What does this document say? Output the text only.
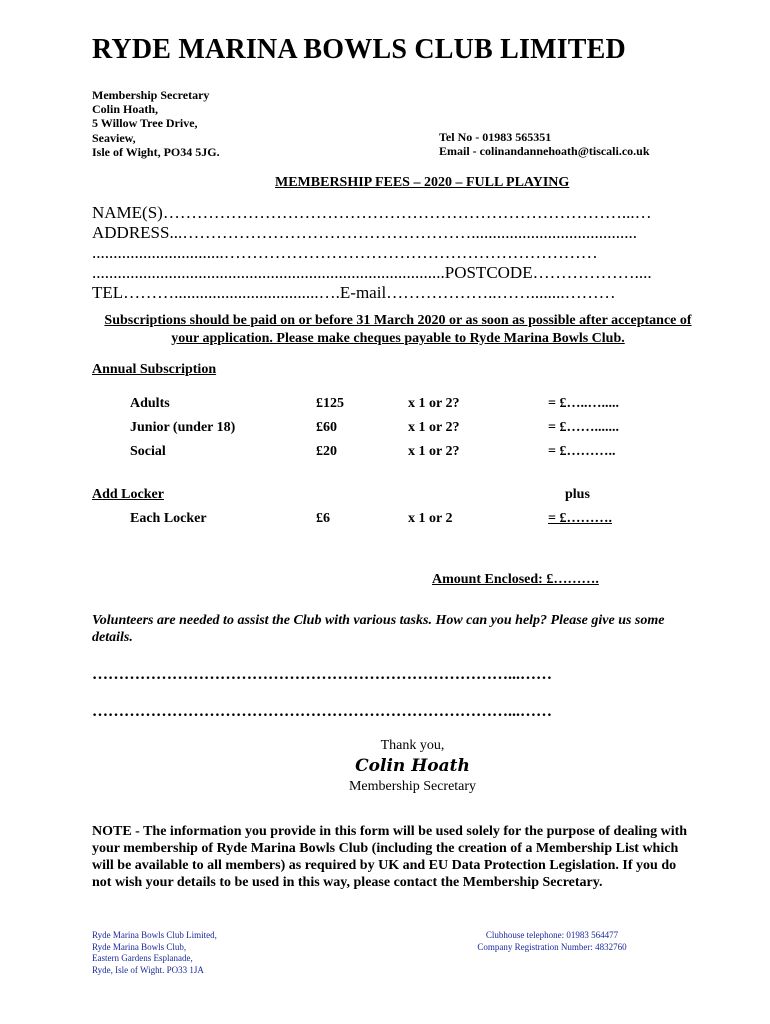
RYDE MARINA BOWLS CLUB LIMITED
Membership Secretary
Colin Hoath,
5 Willow Tree Drive,
Seaview,
Isle of Wight, PO34 5JG.
Tel No - 01983 565351
Email - colinandannehoath@tiscali.co.uk
MEMBERSHIP FEES – 2020 – FULL PLAYING
NAME(S)………………………………………………………………………...…
ADDRESS...…………………………………………….......................................
...............................…………………………………………………………
...................................................................................POSTCODE………………....
TEL………..................................….E-mail………………..……........………
Subscriptions should be paid on or before 31 March 2020 or as soon as possible after acceptance of your application. Please make cheques payable to Ryde Marina Bowls Club.
Annual Subscription
Adults	£125	x 1 or 2?	= £…..….....
Junior (under 18)	£60	x 1 or 2?	= £…….......
Social	£20	x 1 or 2?	= £………..
Add Locker	plus
Each Locker	£6	x 1 or 2	= £……….
Amount Enclosed: £……….
Volunteers are needed to assist the Club with various tasks. How can you help? Please give us some details.
……………………………………………………………………...……
……………………………………………………………………...……
Thank you,
Colin Hoath
Membership Secretary
NOTE - The information you provide in this form will be used solely for the purpose of dealing with your membership of Ryde Marina Bowls Club (including the creation of a Membership List which will be available to all members) as required by UK and EU Data Protection Legislation. If you do not wish your details to be used in this way, please contact the Membership Secretary.
Ryde Marina Bowls Club Limited,
Ryde Marina Bowls Club,
Eastern Gardens Esplanade,
Ryde, Isle of Wight. PO33 1JA
Clubhouse telephone: 01983 564477
Company Registration Number: 4832760
